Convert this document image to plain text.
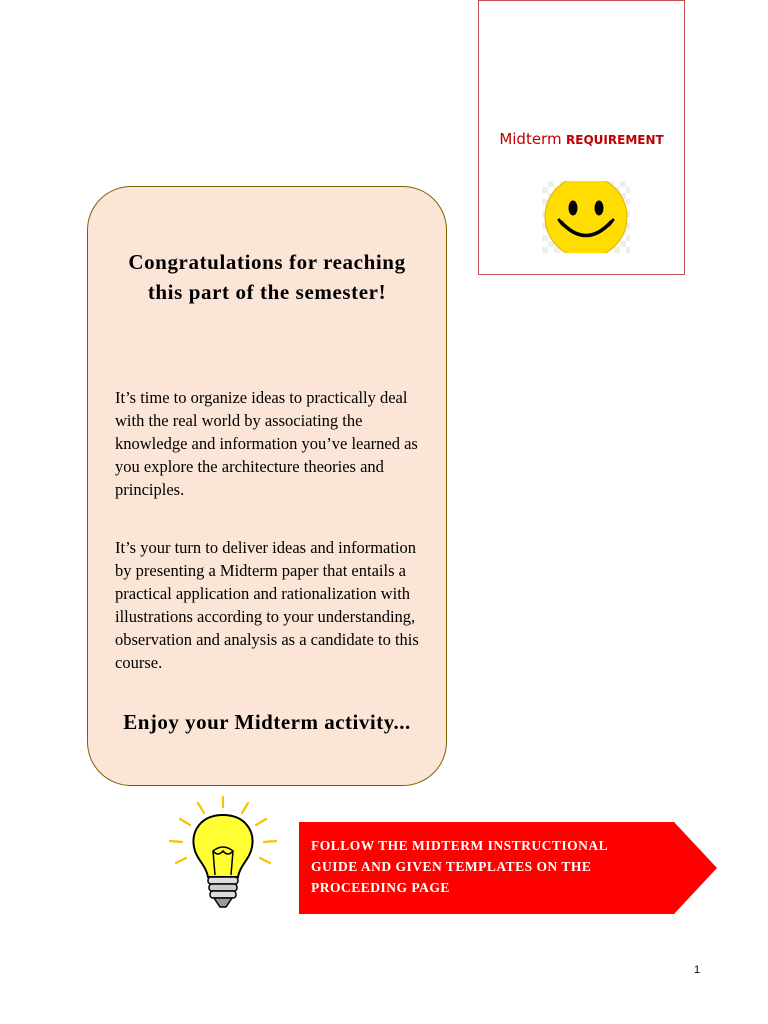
Midterm REQUIREMENT
Congratulations for reaching this part of the semester!
It’s time to organize ideas to practically deal with the real world by associating the knowledge and information you’ve learned as you explore the architecture theories and principles.
It’s your turn to deliver ideas and information by presenting a Midterm paper that entails a practical application and rationalization with illustrations according to your understanding, observation and analysis as a candidate to this course.
Enjoy your Midterm activity...
FOLLOW THE MIDTERM INSTRUCTIONAL GUIDE AND GIVEN TEMPLATES ON THE PROCEEDING PAGE
1
